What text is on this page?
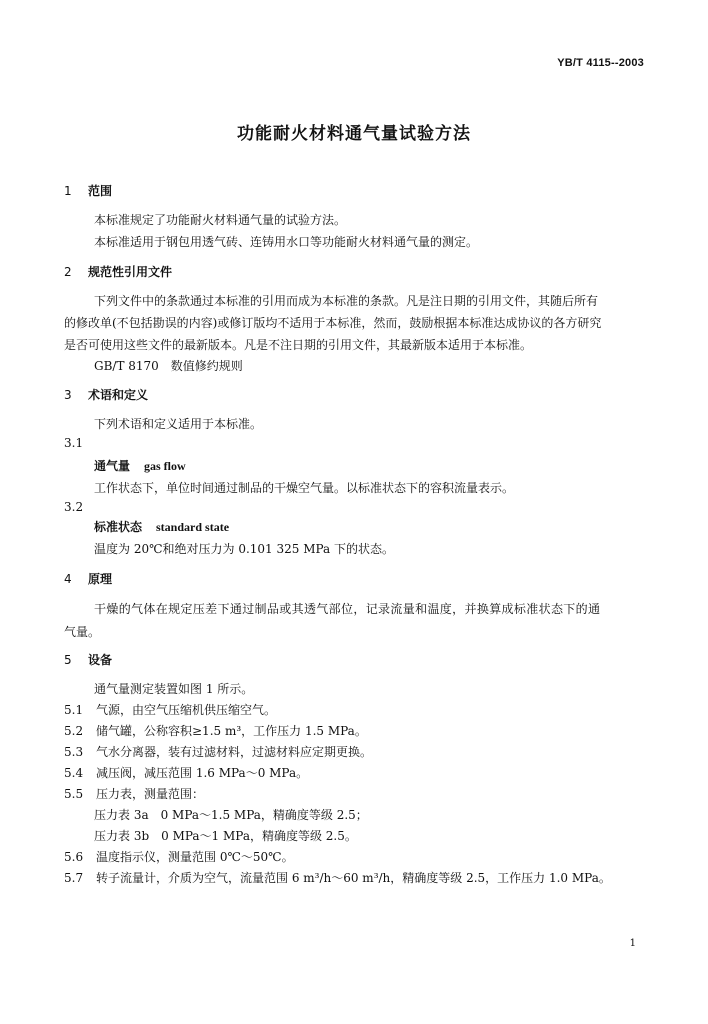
YB/T 4115--2003
功能耐火材料通气量试验方法
1 范围
本标准规定了功能耐火材料通气量的试验方法。
本标准适用于钢包用透气砖、连铸用水口等功能耐火材料通气量的测定。
2 规范性引用文件
下列文件中的条款通过本标准的引用而成为本标准的条款。凡是注日期的引用文件，其随后所有
的修改单(不包括勘误的内容)或修订版均不适用于本标准，然而，鼓励根据本标准达成协议的各方研究
是否可使用这些文件的最新版本。凡是不注日期的引用文件，其最新版本适用于本标准。
GB/T 8170　数值修约规则
3 术语和定义
下列术语和定义适用于本标准。
3.1
通气量 gas flow
工作状态下，单位时间通过制品的干燥空气量。以标准状态下的容积流量表示。
3.2
标准状态 standard state
温度为 20℃和绝对压力为 0.101 325 MPa 下的状态。
4 原理
干燥的气体在规定压差下通过制品或其透气部位，记录流量和温度，并换算成标准状态下的通
气量。
5 设备
通气量测定装置如图 1 所示。
5.1 气源，由空气压缩机供压缩空气。
5.2 储气罐，公称容积≥1.5 m³，工作压力 1.5 MPa。
5.3 气水分离器，装有过滤材料，过滤材料应定期更换。
5.4 减压阀，减压范围 1.6 MPa～0 MPa。
5.5 压力表，测量范围：
压力表 3a　0 MPa～1.5 MPa，精确度等级 2.5；
压力表 3b　0 MPa～1 MPa，精确度等级 2.5。
5.6 温度指示仪，测量范围 0℃～50℃。
5.7 转子流量计，介质为空气，流量范围 6 m³/h～60 m³/h，精确度等级 2.5，工作压力 1.0 MPa。
1
